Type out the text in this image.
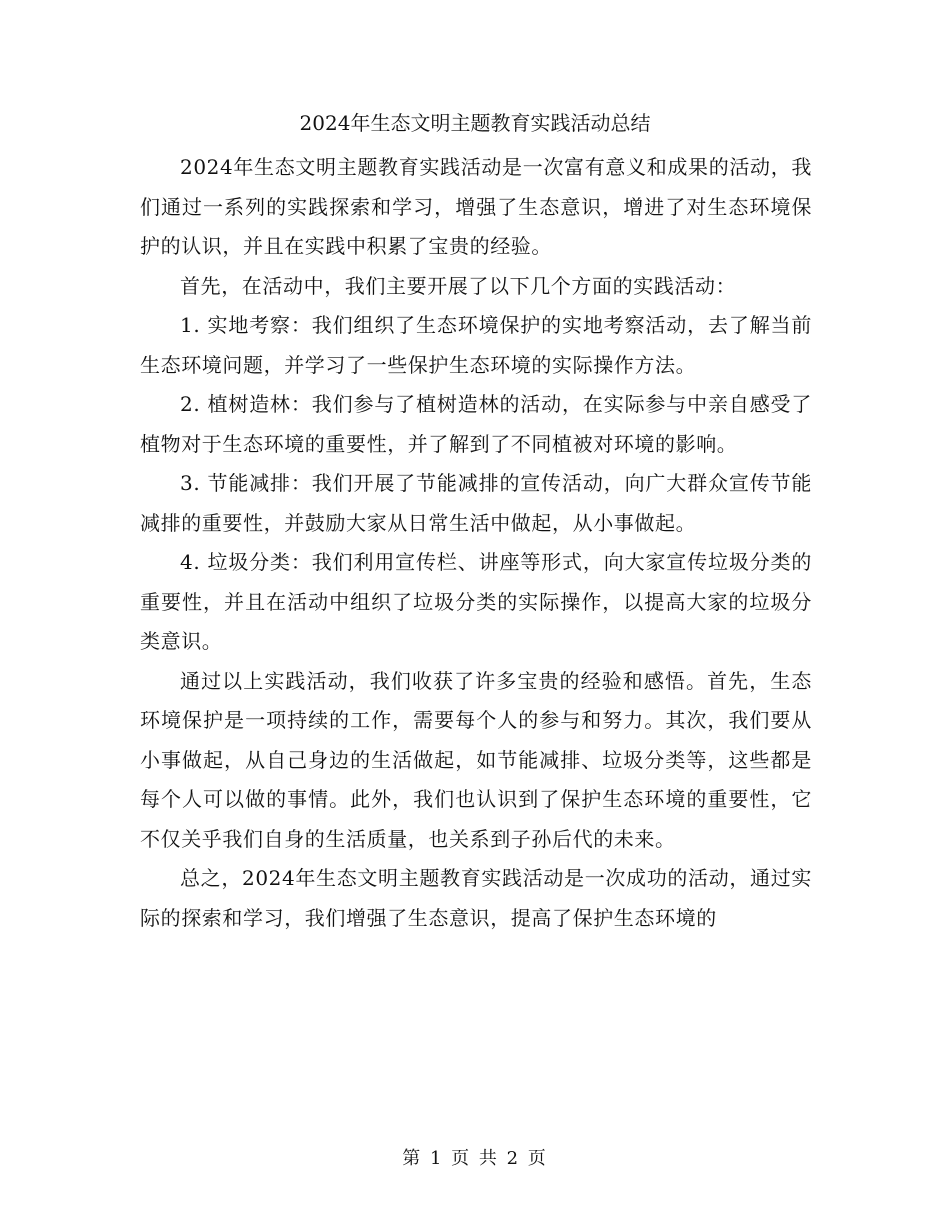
2024年生态文明主题教育实践活动总结

2024年生态文明主题教育实践活动是一次富有意义和成果的活动，我们通过一系列的实践探索和学习，增强了生态意识，增进了对生态环境保护的认识，并且在实践中积累了宝贵的经验。

首先，在活动中，我们主要开展了以下几个方面的实践活动：

1. 实地考察：我们组织了生态环境保护的实地考察活动，去了解当前生态环境问题，并学习了一些保护生态环境的实际操作方法。

2. 植树造林：我们参与了植树造林的活动，在实际参与中亲自感受了植物对于生态环境的重要性，并了解到了不同植被对环境的影响。

3. 节能减排：我们开展了节能减排的宣传活动，向广大群众宣传节能减排的重要性，并鼓励大家从日常生活中做起，从小事做起。

4. 垃圾分类：我们利用宣传栏、讲座等形式，向大家宣传垃圾分类的重要性，并且在活动中组织了垃圾分类的实际操作，以提高大家的垃圾分类意识。

通过以上实践活动，我们收获了许多宝贵的经验和感悟。首先，生态环境保护是一项持续的工作，需要每个人的参与和努力。其次，我们要从小事做起，从自己身边的生活做起，如节能减排、垃圾分类等，这些都是每个人可以做的事情。此外，我们也认识到了保护生态环境的重要性，它不仅关乎我们自身的生活质量，也关系到子孙后代的未来。

总之，2024年生态文明主题教育实践活动是一次成功的活动，通过实际的探索和学习，我们增强了生态意识，提高了保护生态环境的

第 1 页 共 2 页
